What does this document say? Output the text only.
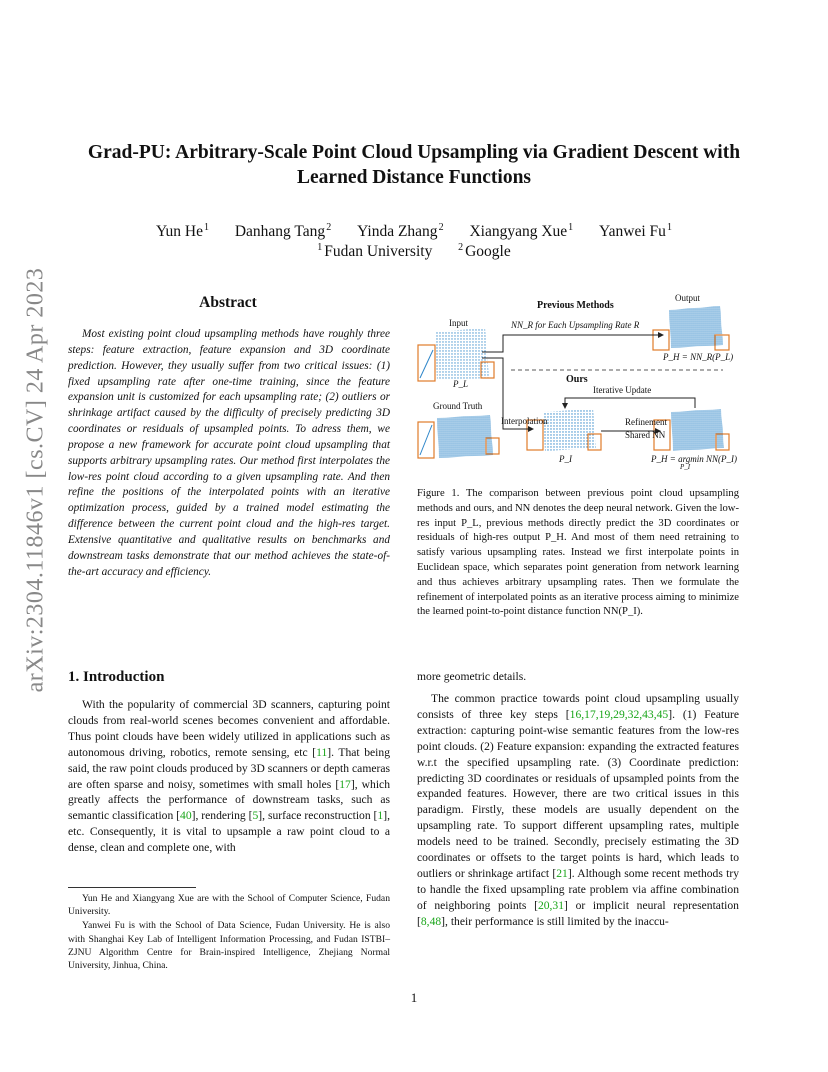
arXiv:2304.11846v1 [cs.CV] 24 Apr 2023
Grad-PU: Arbitrary-Scale Point Cloud Upsampling via Gradient Descent with
Learned Distance Functions
Yun He$^1$ Danhang Tang$^2$ Yinda Zhang$^2$ Xiangyang Xue$^1$ Yanwei Fu$^1$
$^1$ Fudan University	$^2$ Google
Abstract
Most existing point cloud upsampling methods have roughly three steps: feature extraction, feature expansion and 3D coordinate prediction. However, they usually suffer from two critical issues: (1) fixed upsampling rate after one-time training, since the feature expansion unit is customized for each upsampling rate; (2) outliers or shrinkage artifact caused by the difficulty of precisely predicting 3D coordinates or residuals of upsampled points. To adress them, we propose a new framework for accurate point cloud upsampling that supports arbitrary upsampling rates. Our method first interpolates the low-res point cloud according to a given upsampling rate. And then refine the positions of the interpolated points with an iterative optimization process, guided by a trained model estimating the difference between the current point cloud and the high-res target. Extensive quantitative and qualitative results on benchmarks and downstream tasks demonstrate that our method achieves the state-of-the-art accuracy and efficiency.
Previous Methods
Output
Input	NN_R for Each Upsampling Rate R
P_H = NN_R(P_L)
P_L	Ours
Iterative Update
Ground Truth
Interpolation	Refinement
Shared NN
P_I	P_H = argmin NN(P_I)
P_I
Figure 1. The comparison between previous point cloud upsampling methods and ours, and NN denotes the deep neural network. Given the low-res input P_L, previous methods directly predict the 3D coordinates or residuals of high-res output P_H. And most of them need retraining to satisfy various upsampling rates. Instead we first interpolate points in Euclidean space, which separates point generation from network learning and thus achieves arbitrary upsampling rates. Then we formulate the refinement of interpolated points as an iterative process aiming to minimize the learned point-to-point distance function NN(P_I).
1. Introduction
With the popularity of commercial 3D scanners, capturing point clouds from real-world scenes becomes convenient and affordable. Thus point clouds have been widely utilized in applications such as autonomous driving, robotics, remote sensing, etc [11]. That being said, the raw point clouds produced by 3D scanners or depth cameras are often sparse and noisy, sometimes with small holes [17], which greatly affects the performance of downstream tasks, such as semantic classification [40], rendering [5], surface reconstruction [1], etc. Consequently, it is vital to upsample a raw point cloud to a dense, clean and complete one, with

Yun He and Xiangyang Xue are with the School of Computer Science, Fudan University.

Yanwei Fu is with the School of Data Science, Fudan University. He is also with Shanghai Key Lab of Intelligent Information Processing, and Fudan ISTBI–ZJNU Algorithm Centre for Brain-inspired Intelligence, Zhejiang Normal University, Jinhua, China.

more geometric details.
The common practice towards point cloud upsampling usually consists of three key steps [16,17,19,29,32,43,45]. (1) Feature extraction: capturing point-wise semantic features from the low-res point clouds. (2) Feature expansion: expanding the extracted features w.r.t the specified upsampling rate. (3) Coordinate prediction: predicting 3D coordinates or residuals of upsampled points from the expanded features. However, there are two critical issues in this paradigm. Firstly, these models are usually dependent on the upsampling rate. To support different upsampling rates, multiple models need to be trained. Secondly, precisely estimating the 3D coordinates or offsets to the target points is hard, which leads to outliers or shrinkage artifact [21]. Although some recent methods try to handle the fixed upsampling rate problem via affine combination of neighboring points [20,31] or implicit neural representation [8,48], their performance is still limited by the inaccu-
1
